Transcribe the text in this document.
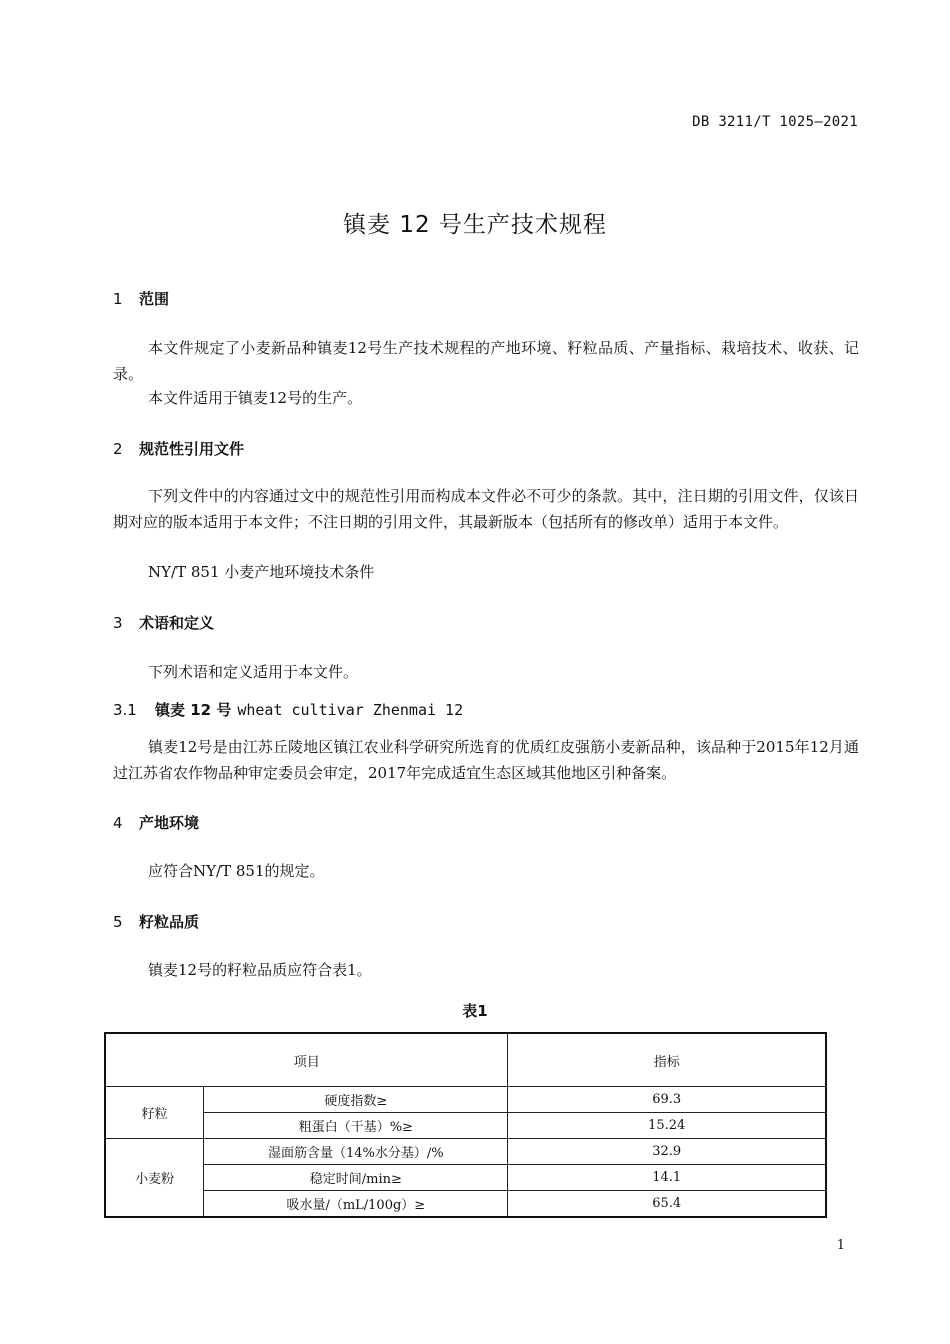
DB 3211/T 1025—2021
镇麦 12 号生产技术规程
1 范围
本文件规定了小麦新品种镇麦12号生产技术规程的产地环境、籽粒品质、产量指标、栽培技术、收获、记录。
本文件适用于镇麦12号的生产。
2 规范性引用文件
下列文件中的内容通过文中的规范性引用而构成本文件必不可少的条款。其中，注日期的引用文件，仅该日期对应的版本适用于本文件；不注日期的引用文件，其最新版本（包括所有的修改单）适用于本文件。
NY/T 851 小麦产地环境技术条件
3 术语和定义
下列术语和定义适用于本文件。
3.1 镇麦 12 号 wheat cultivar Zhenmai 12
镇麦12号是由江苏丘陵地区镇江农业科学研究所选育的优质红皮强筋小麦新品种，该品种于2015年12月通过江苏省农作物品种审定委员会审定，2017年完成适宜生态区域其他地区引种备案。
4 产地环境
应符合NY/T 851的规定。
5 籽粒品质
镇麦12号的籽粒品质应符合表1。
表1
项目		指标
籽粒	硬度指数≥	69.3
	粗蛋白（干基）%≥	15.24
小麦粉	湿面筋含量（14%水分基）/%	32.9
	稳定时间/min≥	14.1
	吸水量/（mL/100g）≥	65.4
1
